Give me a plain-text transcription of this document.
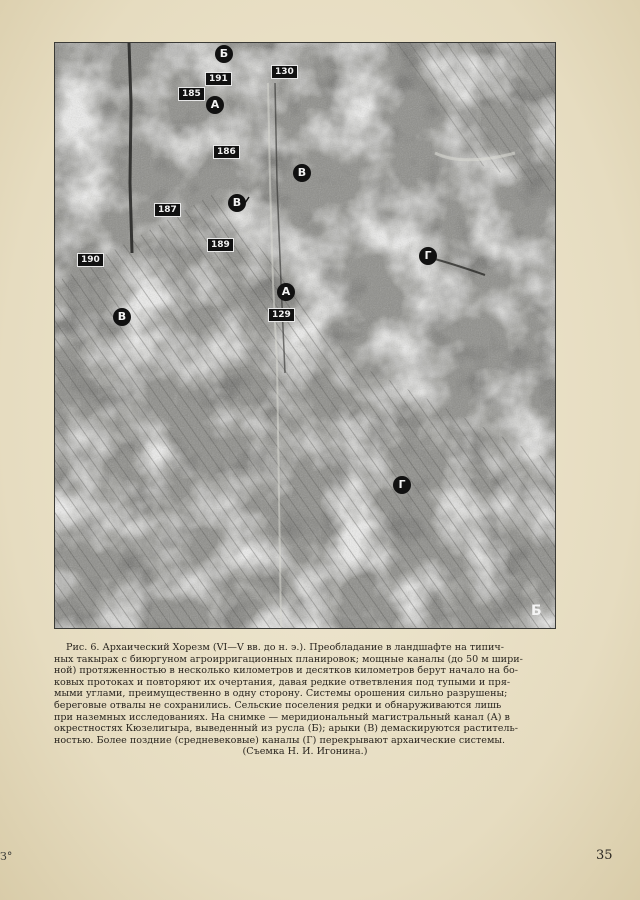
130
191
185
186
187
189
190
129
Б
А
В
В
Г
А
В
Г
Б
Рис. 6. Архаический Хорезм (VI—V вв. до н. э.). Преобладание в ландшафте на типич-
ных такырах с биюргуном агроирригационных планировок; мощные каналы (до 50 м шири-
ной) протяженностью в несколько километров и десятков километров берут начало на бо-
ковых протоках и повторяют их очертания, давая редкие ответвления под тупыми и пря-
мыми углами, преимущественно в одну сторону. Системы орошения сильно разрушены;
береговые отвалы не сохранились. Сельские поселения редки и обнаруживаются лишь
при наземных исследованиях. На снимке — меридиональный магистральный канал (А) в
окрестностях Кюзелигыра, выведенный из русла (Б); арыки (В) демаскируются раститель-
ностью. Более поздние (средневековые) каналы (Г) перекрывают архаические системы.
(Съемка Н. И. Игонина.)
З°	35
